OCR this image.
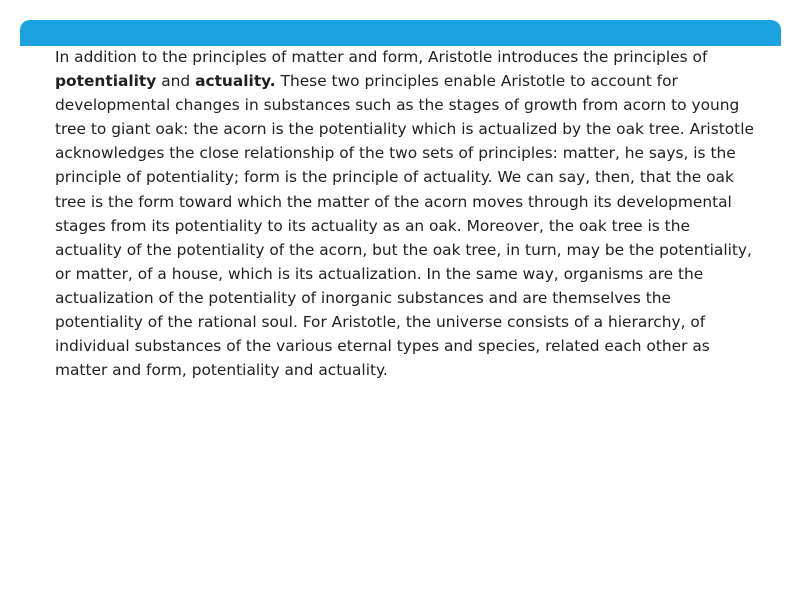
In addition to the principles of matter and form, Aristotle introduces the principles of potentiality and actuality. These two principles enable Aristotle to account for developmental changes in substances such as the stages of growth from acorn to young tree to giant oak: the acorn is the potentiality which is actualized by the oak tree. Aristotle acknowledges the close relationship of the two sets of principles: matter, he says, is the principle of potentiality; form is the principle of actuality. We can say, then, that the oak tree is the form toward which the matter of the acorn moves through its developmental stages from its potentiality to its actuality as an oak. Moreover, the oak tree is the actuality of the potentiality of the acorn, but the oak tree, in turn, may be the potentiality, or matter, of a house, which is its actualization. In the same way, organisms are the actualization of the potentiality of inorganic substances and are themselves the potentiality of the rational soul. For Aristotle, the universe consists of a hierarchy, of individual substances of the various eternal types and species, related each other as matter and form, potentiality and actuality.
